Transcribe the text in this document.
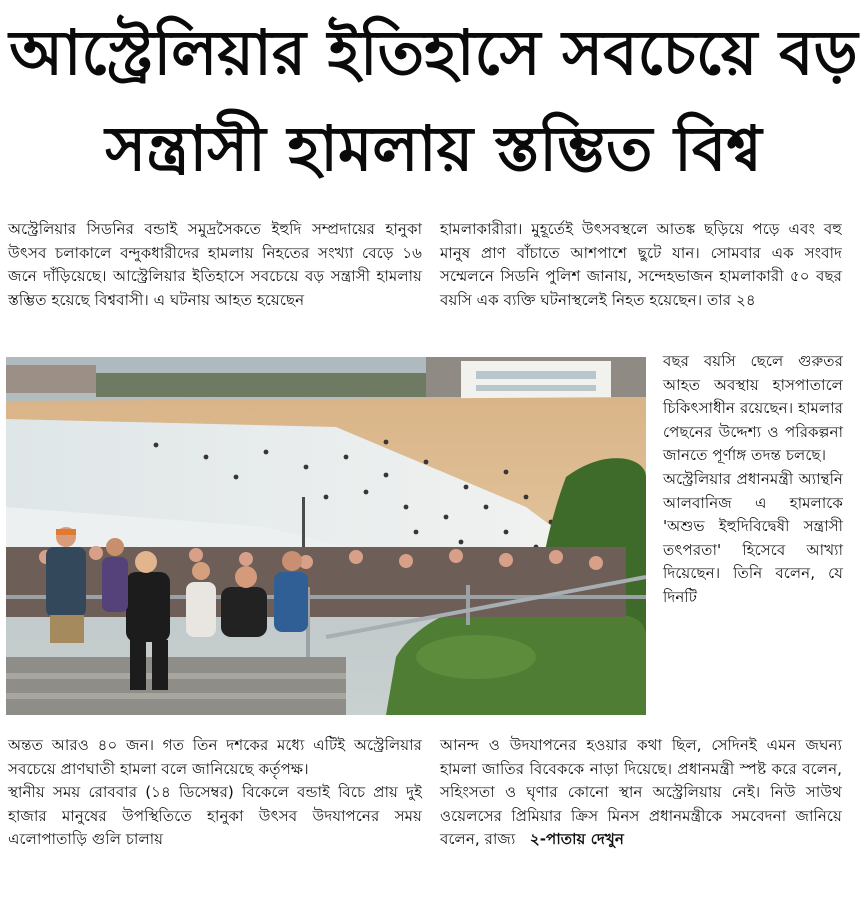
আস্ট্রেলিয়ার ইতিহাসে সবচেয়ে বড়
সন্ত্রাসী হামলায় স্তম্ভিত বিশ্ব

অস্ট্রেলিয়ার সিডনির বন্ডাই সমুদ্রসৈকতে ইহুদি সম্প্রদায়ের হানুকা উৎসব চলাকালে বন্দুকধারীদের হামলায় নিহতের সংখ্যা বেড়ে ১৬ জনে দাঁড়িয়েছে। আস্ট্রেলিয়ার ইতিহাসে সবচেয়ে বড় সন্ত্রাসী হামলায় স্তম্ভিত হয়েছে বিশ্ববাসী। এ ঘটনায় আহত হয়েছেন

হামলাকারীরা। মুহূর্তেই উৎসবস্থলে আতঙ্ক ছড়িয়ে পড়ে এবং বহু মানুষ প্রাণ বাঁচাতে আশপাশে ছুটে যান। সোমবার এক সংবাদ সম্মেলনে সিডনি পুলিশ জানায়, সন্দেহভাজন হামলাকারী ৫০ বছর বয়সি এক ব্যক্তি ঘটনাস্থলেই নিহত হয়েছেন। তার ২৪

বছর বয়সি ছেলে গুরুতর আহত অবস্থায় হাসপাতালে চিকিৎসাধীন রয়েছেন। হামলার পেছনের উদ্দেশ্য ও পরিকল্পনা জানতে পূর্ণাঙ্গ তদন্ত চলছে।

অস্ট্রেলিয়ার প্রধানমন্ত্রী অ্যান্থনি আলবানিজ এ হামলাকে 'অশুভ ইহুদিবিদ্বেষী সন্ত্রাসী তৎপরতা' হিসেবে আখ্যা দিয়েছেন। তিনি বলেন, যে দিনটি

অন্তত আরও ৪০ জন। গত তিন দশকের মধ্যে এটিই অস্ট্রেলিয়ার সবচেয়ে প্রাণঘাতী হামলা বলে জানিয়েছে কর্তৃপক্ষ।

স্থানীয় সময় রোববার (১৪ ডিসেম্বর) বিকেলে বন্ডাই বিচে প্রায় দুই হাজার মানুষের উপস্থিতিতে হানুকা উৎসব উদযাপনের সময় এলোপাতাড়ি গুলি চালায়

আনন্দ ও উদযাপনের হওয়ার কথা ছিল, সেদিনই এমন জঘন্য হামলা জাতির বিবেককে নাড়া দিয়েছে। প্রধানমন্ত্রী স্পষ্ট করে বলেন, সহিংসতা ও ঘৃণার কোনো স্থান অস্ট্রেলিয়ায় নেই। নিউ সাউথ ওয়েলসের প্রিমিয়ার ক্রিস মিনস প্রধানমন্ত্রীকে সমবেদনা জানিয়ে বলেন, রাজ্য ২-পাতায় দেখুন
